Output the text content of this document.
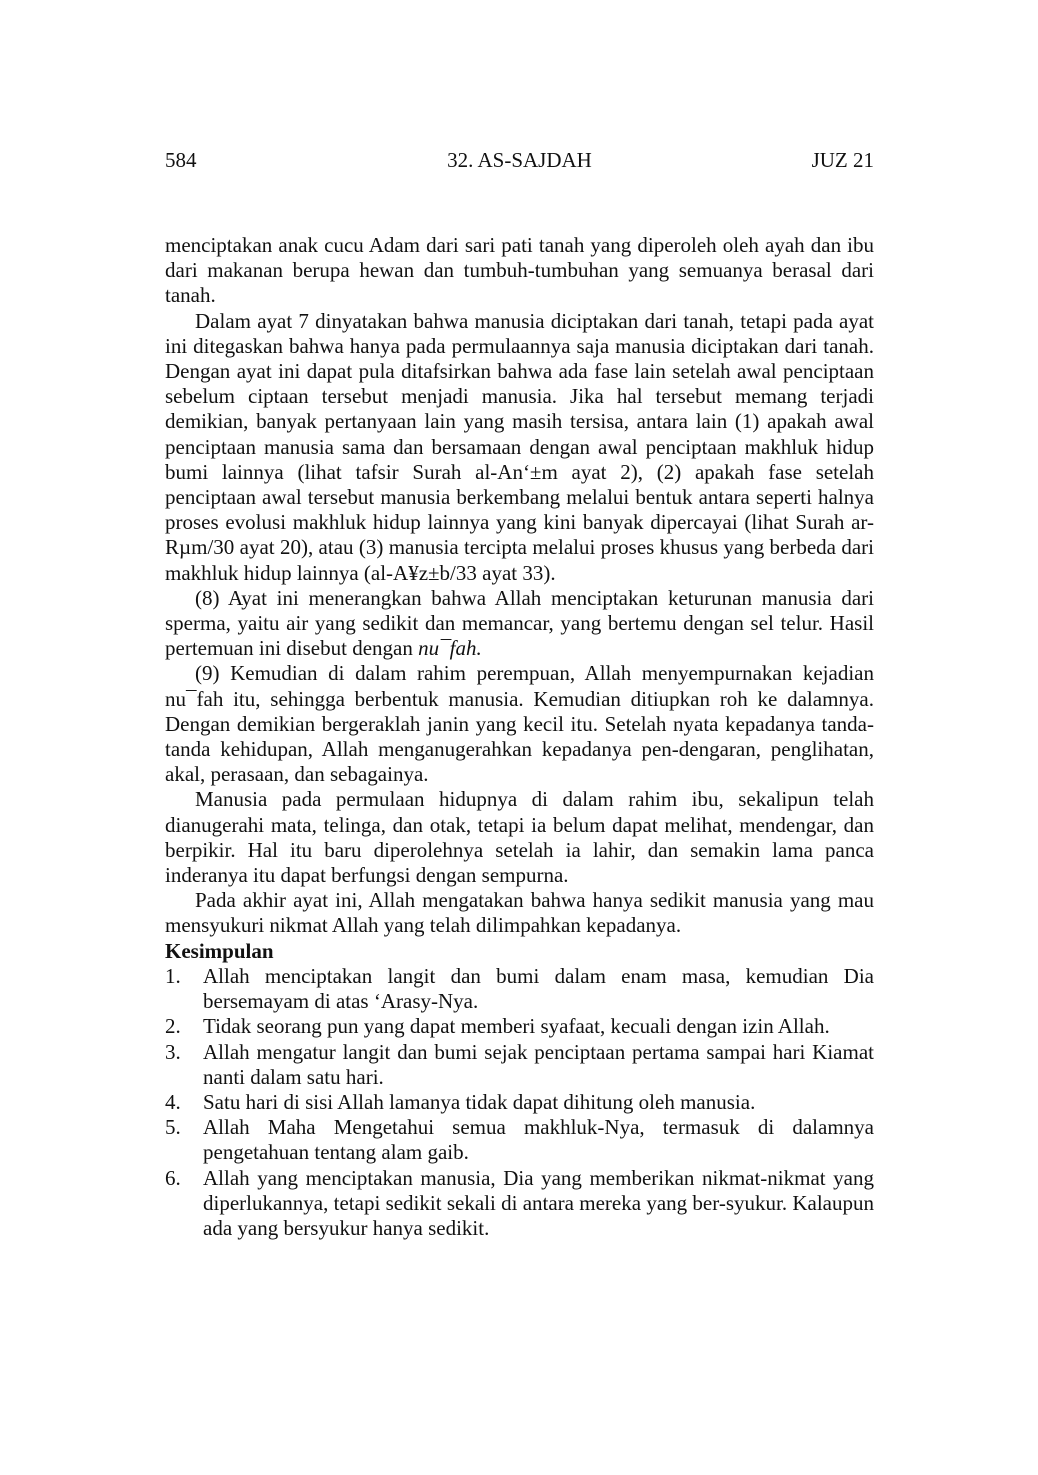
584	32. AS-SAJDAH	JUZ 21

menciptakan anak cucu Adam dari sari pati tanah yang diperoleh oleh ayah dan ibu dari makanan berupa hewan dan tumbuh-tumbuhan yang semuanya berasal dari tanah.

Dalam ayat 7 dinyatakan bahwa manusia diciptakan dari tanah, tetapi pada ayat ini ditegaskan bahwa hanya pada permulaannya saja manusia diciptakan dari tanah. Dengan ayat ini dapat pula ditafsirkan bahwa ada fase lain setelah awal penciptaan sebelum ciptaan tersebut menjadi manusia. Jika hal tersebut memang terjadi demikian, banyak pertanyaan lain yang masih tersisa, antara lain (1) apakah awal penciptaan manusia sama dan bersamaan dengan awal penciptaan makhluk hidup bumi lainnya (lihat tafsir Surah al-An‘±m ayat 2), (2) apakah fase setelah penciptaan awal tersebut manusia berkembang melalui bentuk antara seperti halnya proses evolusi makhluk hidup lainnya yang kini banyak dipercayai (lihat Surah ar-Rµm/30 ayat 20), atau (3) manusia tercipta melalui proses khusus yang berbeda dari makhluk hidup lainnya (al-A¥z±b/33 ayat 33).

(8) Ayat ini menerangkan bahwa Allah menciptakan keturunan manusia dari sperma, yaitu air yang sedikit dan memancar, yang bertemu dengan sel telur. Hasil pertemuan ini disebut dengan nu¯fah.

(9) Kemudian di dalam rahim perempuan, Allah menyempurnakan kejadian nu¯fah itu, sehingga berbentuk manusia. Kemudian ditiupkan roh ke dalamnya. Dengan demikian bergeraklah janin yang kecil itu. Setelah nyata kepadanya tanda-tanda kehidupan, Allah menganugerahkan kepadanya pen-dengaran, penglihatan, akal, perasaan, dan sebagainya.

Manusia pada permulaan hidupnya di dalam rahim ibu, sekalipun telah dianugerahi mata, telinga, dan otak, tetapi ia belum dapat melihat, mendengar, dan berpikir. Hal itu baru diperolehnya setelah ia lahir, dan semakin lama panca inderanya itu dapat berfungsi dengan sempurna.

Pada akhir ayat ini, Allah mengatakan bahwa hanya sedikit manusia yang mau mensyukuri nikmat Allah yang telah dilimpahkan kepadanya.

Kesimpulan

1. Allah menciptakan langit dan bumi dalam enam masa, kemudian Dia bersemayam di atas ‘Arasy-Nya.
2. Tidak seorang pun yang dapat memberi syafaat, kecuali dengan izin Allah.
3. Allah mengatur langit dan bumi sejak penciptaan pertama sampai hari Kiamat nanti dalam satu hari.
4. Satu hari di sisi Allah lamanya tidak dapat dihitung oleh manusia.
5. Allah Maha Mengetahui semua makhluk-Nya, termasuk di dalamnya pengetahuan tentang alam gaib.
6. Allah yang menciptakan manusia, Dia yang memberikan nikmat-nikmat yang diperlukannya, tetapi sedikit sekali di antara mereka yang ber-syukur. Kalaupun ada yang bersyukur hanya sedikit.
